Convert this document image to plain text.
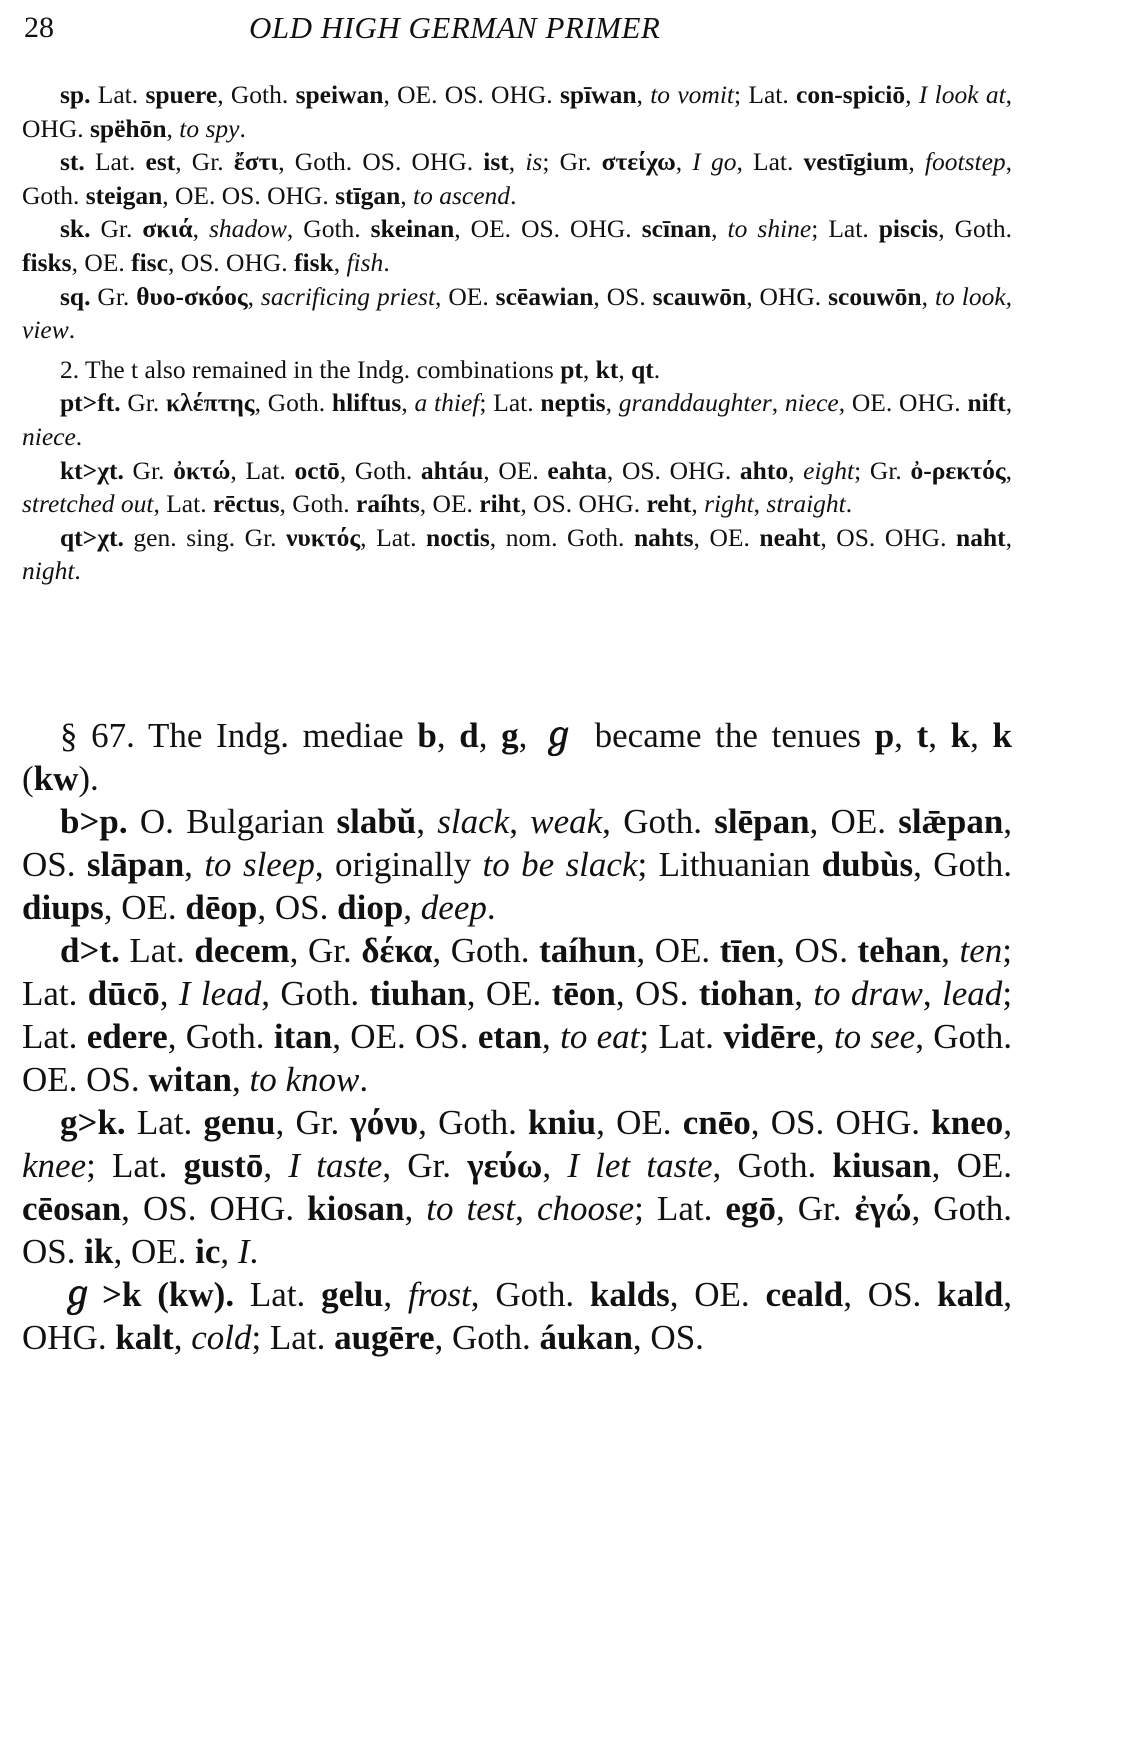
28	OLD HIGH GERMAN PRIMER

sp. Lat. spuere, Goth. speiwan, OE. OS. OHG. spīwan, to vomit; Lat. con-spiciō, I look at, OHG. spëhōn, to spy.

st. Lat. est, Gr. ἔστι, Goth. OS. OHG. ist, is; Gr. στείχω, I go, Lat. vestīgium, footstep, Goth. steigan, OE. OS. OHG. stīgan, to ascend.

sk. Gr. σκιά, shadow, Goth. skeinan, OE. OS. OHG. scīnan, to shine; Lat. piscis, Goth. fisks, OE. fisc, OS. OHG. fisk, fish.

sq. Gr. θυο-σκόος, sacrificing priest, OE. scēawian, OS. scauwōn, OHG. scouwōn, to look, view.

2. The t also remained in the Indg. combinations pt, kt, qt.

pt>ft. Gr. κλέπτης, Goth. hliftus, a thief; Lat. neptis, granddaughter, niece, OE. OHG. nift, niece.

kt>χt. Gr. ὀκτώ, Lat. octō, Goth. ahtáu, OE. eahta, OS. OHG. ahto, eight; Gr. ὀ-ρεκτός, stretched out, Lat. rēctus, Goth. raíhts, OE. riht, OS. OHG. reht, right, straight.

qt>χt. gen. sing. Gr. νυκτός, Lat. noctis, nom. Goth. nahts, OE. neaht, OS. OHG. naht, night.

§ 67. The Indg. mediae b, d, g, ℊ became the tenues p, t, k, k (kw).

b>p. O. Bulgarian slabŭ, slack, weak, Goth. slēpan, OE. slǣpan, OS. slāpan, to sleep, originally to be slack; Lithuanian dubùs, Goth. diups, OE. dēop, OS. diop, deep.

d>t. Lat. decem, Gr. δέκα, Goth. taíhun, OE. tīen, OS. tehan, ten; Lat. dūcō, I lead, Goth. tiuhan, OE. tēon, OS. tiohan, to draw, lead; Lat. edere, Goth. itan, OE. OS. etan, to eat; Lat. vidēre, to see, Goth. OE. OS. witan, to know.

g>k. Lat. genu, Gr. γόνυ, Goth. kniu, OE. cnēo, OS. OHG. kneo, knee; Lat. gustō, I taste, Gr. γεύω, I let taste, Goth. kiusan, OE. cēosan, OS. OHG. kiosan, to test, choose; Lat. egō, Gr. ἐγώ, Goth. OS. ik, OE. ic, I.

ℊ>k (kw). Lat. gelu, frost, Goth. kalds, OE. ceald, OS. kald, OHG. kalt, cold; Lat. augēre, Goth. áukan, OS.
